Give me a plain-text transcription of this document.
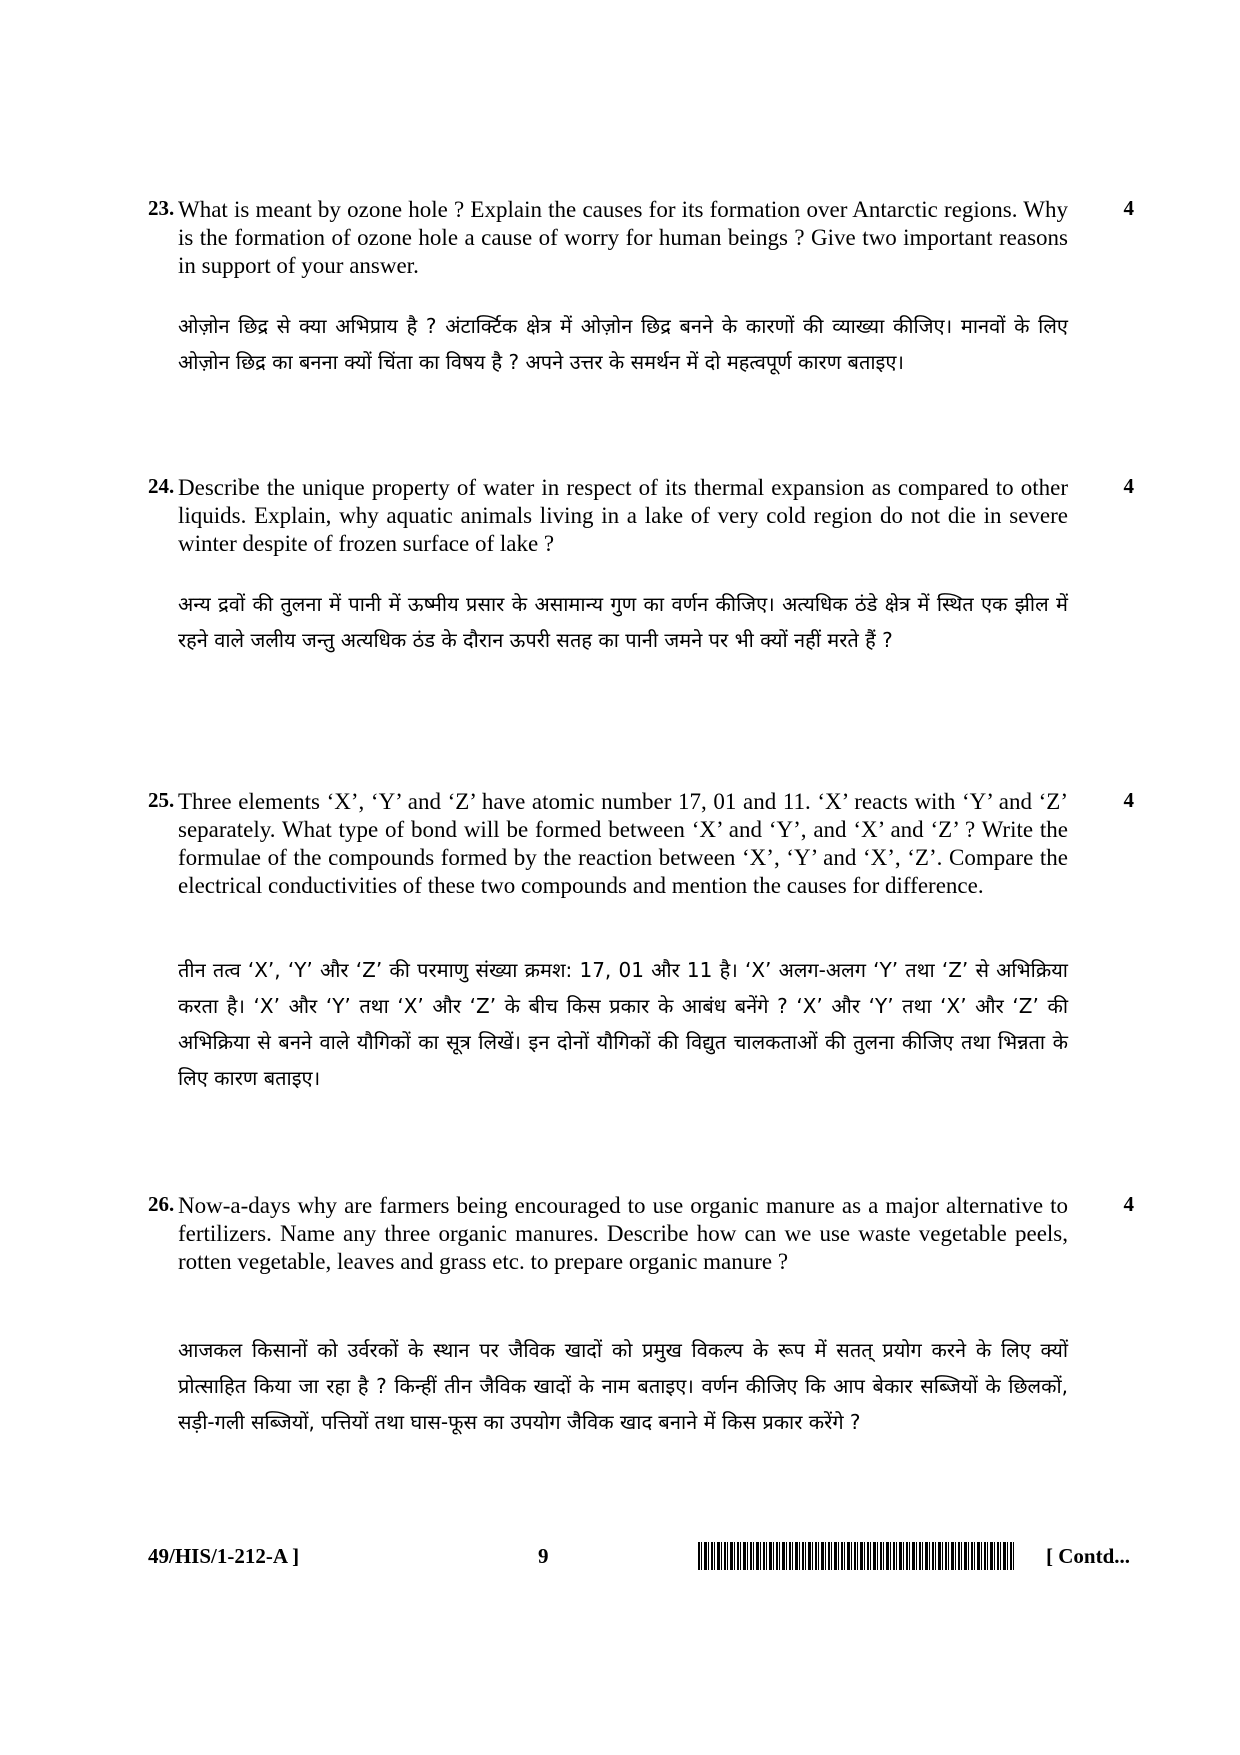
23. What is meant by ozone hole ? Explain the causes for its formation over Antarctic regions. Why is the formation of ozone hole a cause of worry for human beings ? Give two important reasons in support of your answer.

4

ओज़ोन छिद्र से क्या अभिप्राय है ? अंटार्क्टिक क्षेत्र में ओज़ोन छिद्र बनने के कारणों की व्याख्या कीजिए। मानवों के लिए ओज़ोन छिद्र का बनना क्यों चिंता का विषय है ? अपने उत्तर के समर्थन में दो महत्वपूर्ण कारण बताइए।

24. Describe the unique property of water in respect of its thermal expansion as compared to other liquids. Explain, why aquatic animals living in a lake of very cold region do not die in severe winter despite of frozen surface of lake ?

4

अन्य द्रवों की तुलना में पानी में ऊष्मीय प्रसार के असामान्य गुण का वर्णन कीजिए। अत्यधिक ठंडे क्षेत्र में स्थित एक झील में रहने वाले जलीय जन्तु अत्यधिक ठंड के दौरान ऊपरी सतह का पानी जमने पर भी क्यों नहीं मरते हैं ?

25. Three elements ‘X’, ‘Y’ and ‘Z’ have atomic number 17, 01 and 11. ‘X’ reacts with ‘Y’ and ‘Z’ separately. What type of bond will be formed between ‘X’ and ‘Y’, and ‘X’ and ‘Z’ ? Write the formulae of the compounds formed by the reaction between ‘X’, ‘Y’ and ‘X’, ‘Z’. Compare the electrical conductivities of these two compounds and mention the causes for difference.

4

तीन तत्व ‘X’, ‘Y’ और ‘Z’ की परमाणु संख्या क्रमश: 17, 01 और 11 है। ‘X’ अलग-अलग ‘Y’ तथा ‘Z’ से अभिक्रिया करता है। ‘X’ और ‘Y’ तथा ‘X’ और ‘Z’ के बीच किस प्रकार के आबंध बनेंगे ? ‘X’ और ‘Y’ तथा ‘X’ और ‘Z’ की अभिक्रिया से बनने वाले यौगिकों का सूत्र लिखें। इन दोनों यौगिकों की विद्युत चालकताओं की तुलना कीजिए तथा भिन्नता के लिए कारण बताइए।

26. Now-a-days why are farmers being encouraged to use organic manure as a major alternative to fertilizers. Name any three organic manures. Describe how can we use waste vegetable peels, rotten vegetable, leaves and grass etc. to prepare organic manure ?

4

आजकल किसानों को उर्वरकों के स्थान पर जैविक खादों को प्रमुख विकल्प के रूप में सतत् प्रयोग करने के लिए क्यों प्रोत्साहित किया जा रहा है ? किन्हीं तीन जैविक खादों के नाम बताइए। वर्णन कीजिए कि आप बेकार सब्जियों के छिलकों, सड़ी-गली सब्जियों, पत्तियों तथा घास-फूस का उपयोग जैविक खाद बनाने में किस प्रकार करेंगे ?

49/HIS/1-212-A ]	9	[ Contd...
